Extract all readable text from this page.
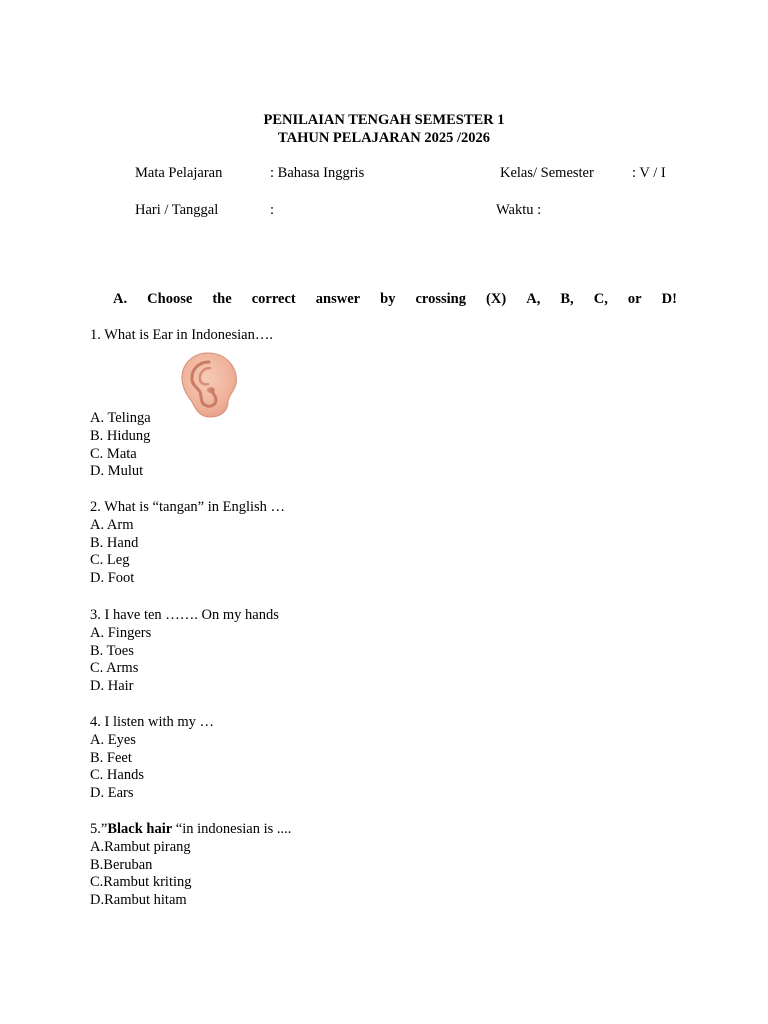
PENILAIAN TENGAH SEMESTER 1
TAHUN PELAJARAN 2025 /2026
Mata Pelajaran	: Bahasa Inggris	Kelas/ Semester	: V / I
Hari / Tanggal	:	Waktu :
A. Choose the correct answer by crossing (X) A, B, C, or D!
1. What is Ear in Indonesian….
A. Telinga
B. Hidung
C. Mata
D. Mulut
2. What is “tangan” in English …
A. Arm
B. Hand
C. Leg
D. Foot
3. I have ten ……. On my hands
A. Fingers
B. Toes
C. Arms
D. Hair
4. I listen with my …
A. Eyes
B. Feet
C. Hands
D. Ears
5.”Black hair “in indonesian is ....
A.Rambut pirang
B.Beruban
C.Rambut kriting
D.Rambut hitam
